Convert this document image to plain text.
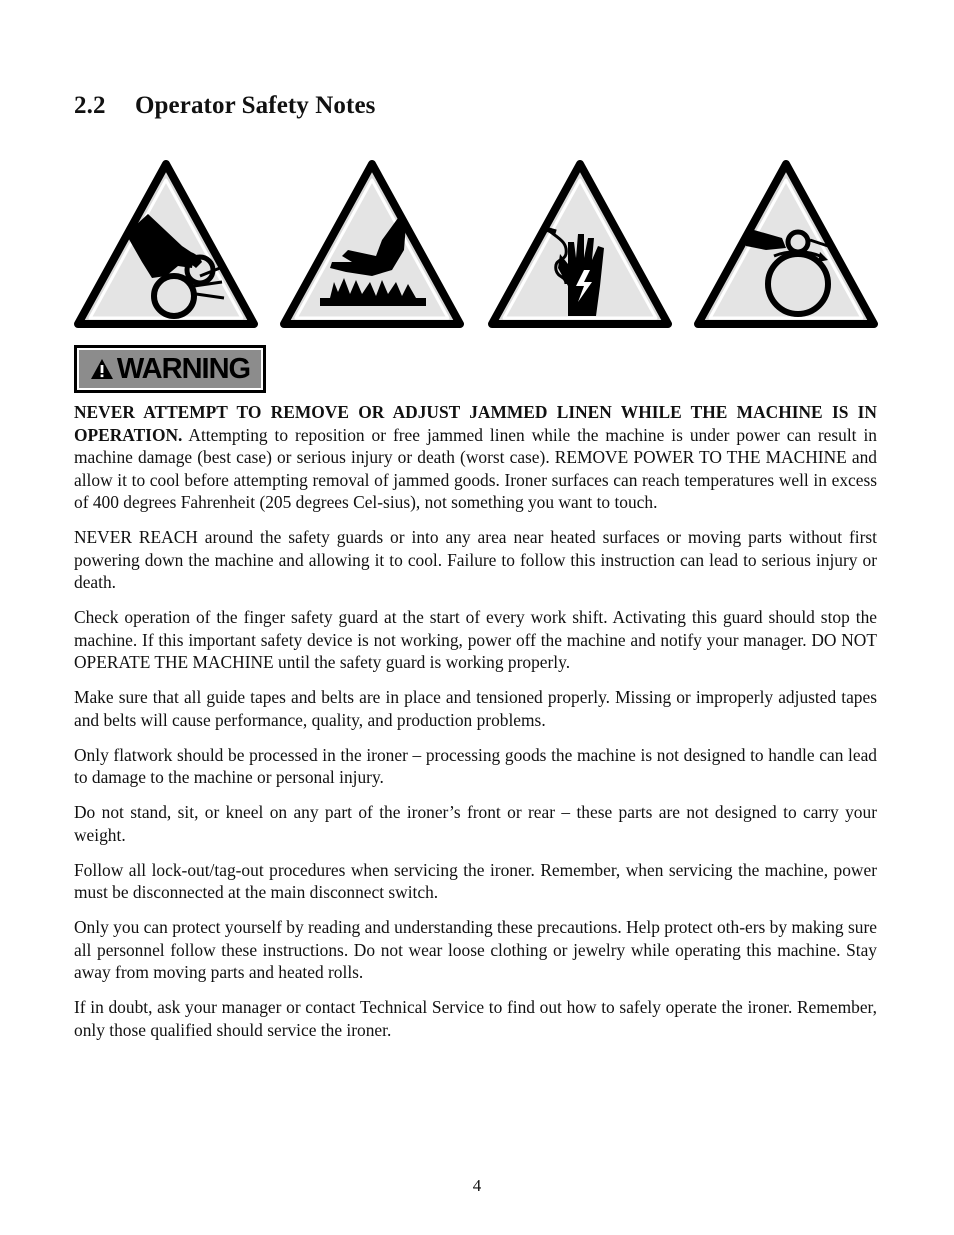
2.2 Operator Safety Notes
WARNING

NEVER ATTEMPT TO REMOVE OR ADJUST JAMMED LINEN WHILE THE MACHINE IS IN OPERATION. Attempting to reposition or free jammed linen while the machine is under power can result in machine damage (best case) or serious injury or death (worst case). REMOVE POWER TO THE MACHINE and allow it to cool before attempting removal of jammed goods. Ironer surfaces can reach temperatures well in excess of 400 degrees Fahrenheit (205 degrees Cel-sius), not something you want to touch.

NEVER REACH around the safety guards or into any area near heated surfaces or moving parts without first powering down the machine and allowing it to cool. Failure to follow this instruction can lead to serious injury or death.

Check operation of the finger safety guard at the start of every work shift. Activating this guard should stop the machine. If this important safety device is not working, power off the machine and notify your manager. DO NOT OPERATE THE MACHINE until the safety guard is working properly.

Make sure that all guide tapes and belts are in place and tensioned properly. Missing or improperly adjusted tapes and belts will cause performance, quality, and production problems.

Only flatwork should be processed in the ironer – processing goods the machine is not designed to handle can lead to damage to the machine or personal injury.

Do not stand, sit, or kneel on any part of the ironer’s front or rear – these parts are not designed to carry your weight.

Follow all lock-out/tag-out procedures when servicing the ironer. Remember, when servicing the machine, power must be disconnected at the main disconnect switch.

Only you can protect yourself by reading and understanding these precautions. Help protect oth-ers by making sure all personnel follow these instructions. Do not wear loose clothing or jewelry while operating this machine. Stay away from moving parts and heated rolls.

If in doubt, ask your manager or contact Technical Service to find out how to safely operate the ironer. Remember, only those qualified should service the ironer.

4
